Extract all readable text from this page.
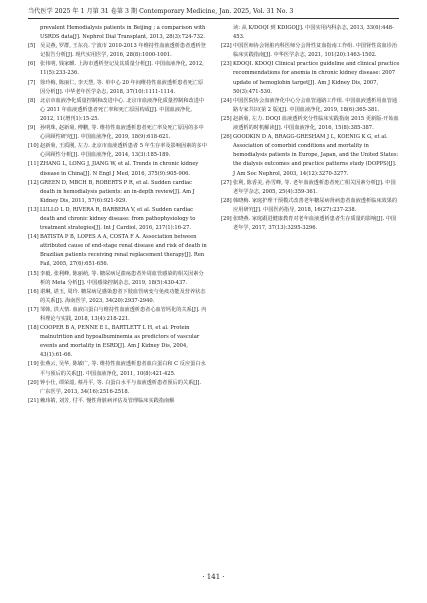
当代医学 2025 年 1 月第 31 卷第 3 期 Contemporary Medicine, Jan. 2025, Vol. 31 No. 3
prevalent Hemodialysis patients in Beijing ; a comparison with USRDS data[J]. Nephrol Dial Transplant, 2013, 28(3):724-732.
[5] 吴灵燕, 罗群, 王东亮. 宁波市 2010-2013 年维持性血液透析患者透析登记报告分析[J]. 现代实用医学, 2016, 28(8):1000-1001.
[6] 张伟明, 钱家麒. 上海市透析登记及其质量分析[J]. 中国血液净化, 2012, 11(5):233-236.
[7] 徐玲梅, 陈丽仁, 李天慧, 等. 单中心 20 年间维持性血液透析患者死亡原因分析[J]. 中华老年医学杂志, 2018, 37(10):1111-1114.
[8] 北京市血液净化质量控制和改进中心. 北京市血液净化质量控制和改进中心 2011 年血液透析患者死亡率和死亡原因构成[J]. 中国血液净化, 2012, 11(增刊1):15-25.
[9] 孙明珠, 赵新菊, 傅鹏, 等. 维持性血液透析患者死亡率及死亡原因的多中心回顾性研究[J]. 中国血液净化, 2019, 18(9):618-621.
[10] 赵新菊, 王质刚, 左力. 北京市血液透析患者 5 年生存率及影响因素的多中心回顾性分析[J]. 中国血液净化, 2014, 13(3):185-189.
[11] ZHANG L, LONG J, JIANG W, et al. Trends in chronic kidney disease in China[J]. N Engl J Med, 2016, 375(9):905-906.
[12] GREEN D, MBCH B, ROBERTS P R, et al. Sudden cardiac death in hemodialysis patients: an in-depth review[J]. Am J Kidney Dis, 2011, 57(6):921-929.
[13] LULLO L D, RIVERA R, BARBERA V, et al. Sudden cardiac death and chronic kidney disease: from pathophysiology to treatment strategies[J]. Int J Cardiol, 2016, 217(1):16-27.
[14] BATISTA P B, LOPES A A, COSTA F A. Association between attributed cause of end-stage renal disease and risk of death in Brazilian patients receiving renal replacement therapy[J]. Ren Fail, 2005, 27(6):651-656.
[15] 李毅, 张利峰, 陈丽萌, 等. 糖尿病足溃疡患者外周血管感染的相关因素分析的 Meta 分析[J]. 中国感染控制杂志, 2019, 18(5):430-437.
[16] 谌琳, 谌玉, 周玲. 糖尿病足感染患者下肢血管病变与免疫功能及营养状态的关系[J]. 海南医学, 2023, 34(20):2937-2940.
[17] 邹韩, 洪大情. 血液白蛋白与维持性血液透析患者心血管钙化的关系[J]. 内科理论与实践, 2018, 13(4):218-221.
[18] COOPER B A, PENNE E L, BARTLETT L H, et al. Protein malnutrition and hypoalbuminemia as predictors of vascular events and mortality in ESRD[J]. Am J Kidney Dis, 2004, 43(1):61-66.
[19] 张燕云, 吴华, 陈敏广, 等. 维持性血液透析患者血白蛋白和 C 反应蛋白水平与预后的关系[J]. 中国血液净化, 2011, 10(8):421-425.
[20] 钟小仕, 谭荣韶, 蔡丹平, 等. 白蛋白水平与血液透析患者预后的关系[J]. 广东医学, 2013, 34(16):2516-2518.
[21] 赖玮婧, 刘芳, 付平. 慢性肾脏病评估及管理临床实践指南解
读: 从 K/DOQI 到 KDIGO[J]. 中国实用内科杂志, 2013, 33(6):448-453.
[22] 中国医师协会肾脏内科医师分会肾性贫血指南工作组. 中国肾性贫血诊治临床实践指南[J]. 中华医学杂志, 2021, 101(20):1463-1502.
[23] KDOQI. KDOQI Clinical practice guideline and clinical practice recommendations for anemia in chronic kidney disease: 2007 update of hemoglobin target[J]. Am J Kidney Dis, 2007, 50(3):471-530.
[24] 中国医院协会血液净化中心分会血管通路工作组. 中国血液透析用血管通路专家共识(第 2 版)[J]. 中国血液净化, 2019, 18(6):365-381.
[25] 赵新菊, 左力. DOQI 血液透析充分性临床实践指南 2015 更新版-开始血液透析的时机解读[J]. 中国血液净化, 2016, 15(8):385-387.
[26] GOODKIN D A, BRAGG-GRESHAM J L, KOENIG K G, et al. Association of comorbid conditions and mortality in hemodialysis patients in Europe, Japan, and the United States: the dialysis outcomes and practice patterns study (DOPPS)[J]. J Am Soc Nephrol, 2003, 14(12):3270-3277.
[27] 张利, 陈香美, 孙雪峰, 等. 老年血液透析患者死亡相关因素分析[J]. 中国老年学杂志, 2005, 25(4):359-361.
[28] 韩晓梅. 家庭护理干预模式改善老年糖尿病肾病患者血液透析临床效果的应用研究[J]. 中国医药指导, 2018, 16(27):237-238.
[29] 张晓燕. 家庭跟进健康教育对老年血液透析患者生存质量的影响[J]. 中国老年学, 2017, 37(13):3295-3296.
· 141 ·
